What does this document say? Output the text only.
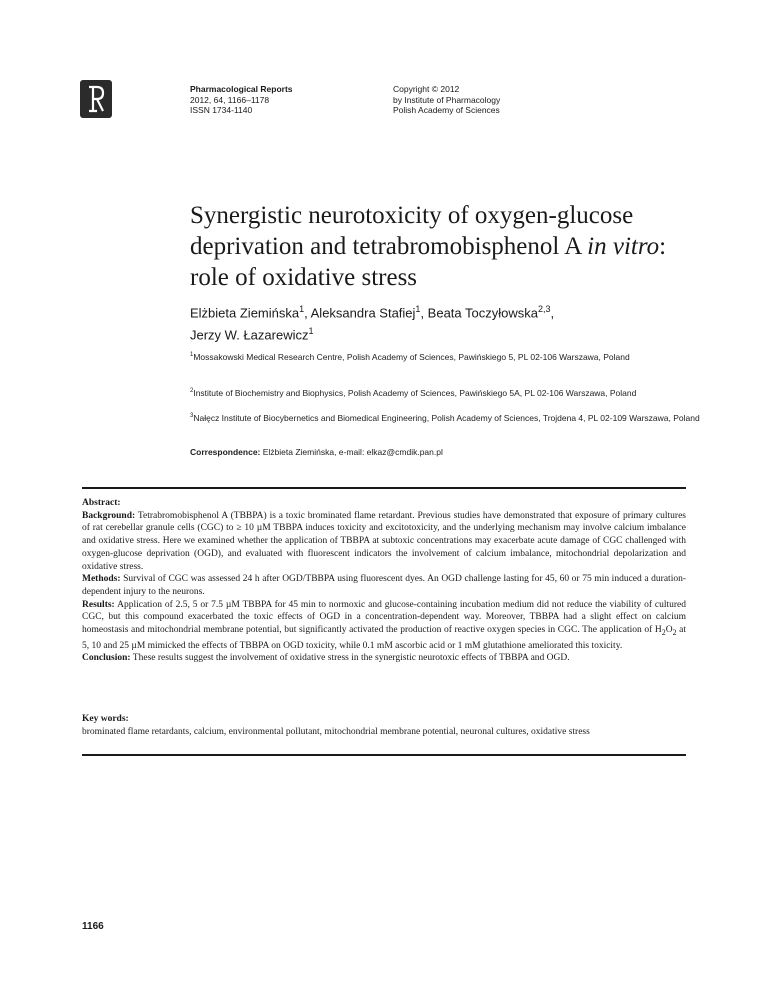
Pharmacological Reports
2012, 64, 1166–1178
ISSN 1734-1140
Copyright © 2012
by Institute of Pharmacology
Polish Academy of Sciences
Synergistic neurotoxicity of oxygen-glucose deprivation and tetrabromobisphenol A in vitro: role of oxidative stress
Elżbieta Ziemińska$^1$, Aleksandra Stafiej$^1$, Beata Toczyłowska$^{2,3}$,
Jerzy W. Łazarewicz$^1$
$^1$Mossakowski Medical Research Centre, Polish Academy of Sciences, Pawińskiego 5, PL 02-106 Warszawa, Poland
$^2$Institute of Biochemistry and Biophysics, Polish Academy of Sciences, Pawińskiego 5A, PL 02-106 Warszawa, Poland
$^3$Nałęcz Institute of Biocybernetics and Biomedical Engineering, Polish Academy of Sciences, Trojdena 4, PL 02-109 Warszawa, Poland
Correspondence: Elżbieta Ziemińska, e-mail: elkaz@cmdik.pan.pl

Abstract:

Background: Tetrabromobisphenol A (TBBPA) is a toxic brominated flame retardant. Previous studies have demonstrated that exposure of primary cultures of rat cerebellar granule cells (CGC) to ≥ 10 µM TBBPA induces toxicity and excitotoxicity, and the underlying mechanism may involve calcium imbalance and oxidative stress. Here we examined whether the application of TBBPA at subtoxic concentrations may exacerbate acute damage of CGC challenged with oxygen-glucose deprivation (OGD), and evaluated with fluorescent indicators the involvement of calcium imbalance, mitochondrial depolarization and oxidative stress.

Methods: Survival of CGC was assessed 24 h after OGD/TBBPA using fluorescent dyes. An OGD challenge lasting for 45, 60 or 75 min induced a duration-dependent injury to the neurons.

Results: Application of 2.5, 5 or 7.5 µM TBBPA for 45 min to normoxic and glucose-containing incubation medium did not reduce the viability of cultured CGC, but this compound exacerbated the toxic effects of OGD in a concentration-dependent way. Moreover, TBBPA had a slight effect on calcium homeostasis and mitochondrial membrane potential, but significantly activated the production of reactive oxygen species in CGC. The application of $H_2O_2$ at 5, 10 and 25 µM mimicked the effects of TBBPA on OGD toxicity, while 0.1 mM ascorbic acid or 1 mM glutathione ameliorated this toxicity.

Conclusion: These results suggest the involvement of oxidative stress in the synergistic neurotoxic effects of TBBPA and OGD.

Key words:

brominated flame retardants, calcium, environmental pollutant, mitochondrial membrane potential, neuronal cultures, oxidative stress

1166
